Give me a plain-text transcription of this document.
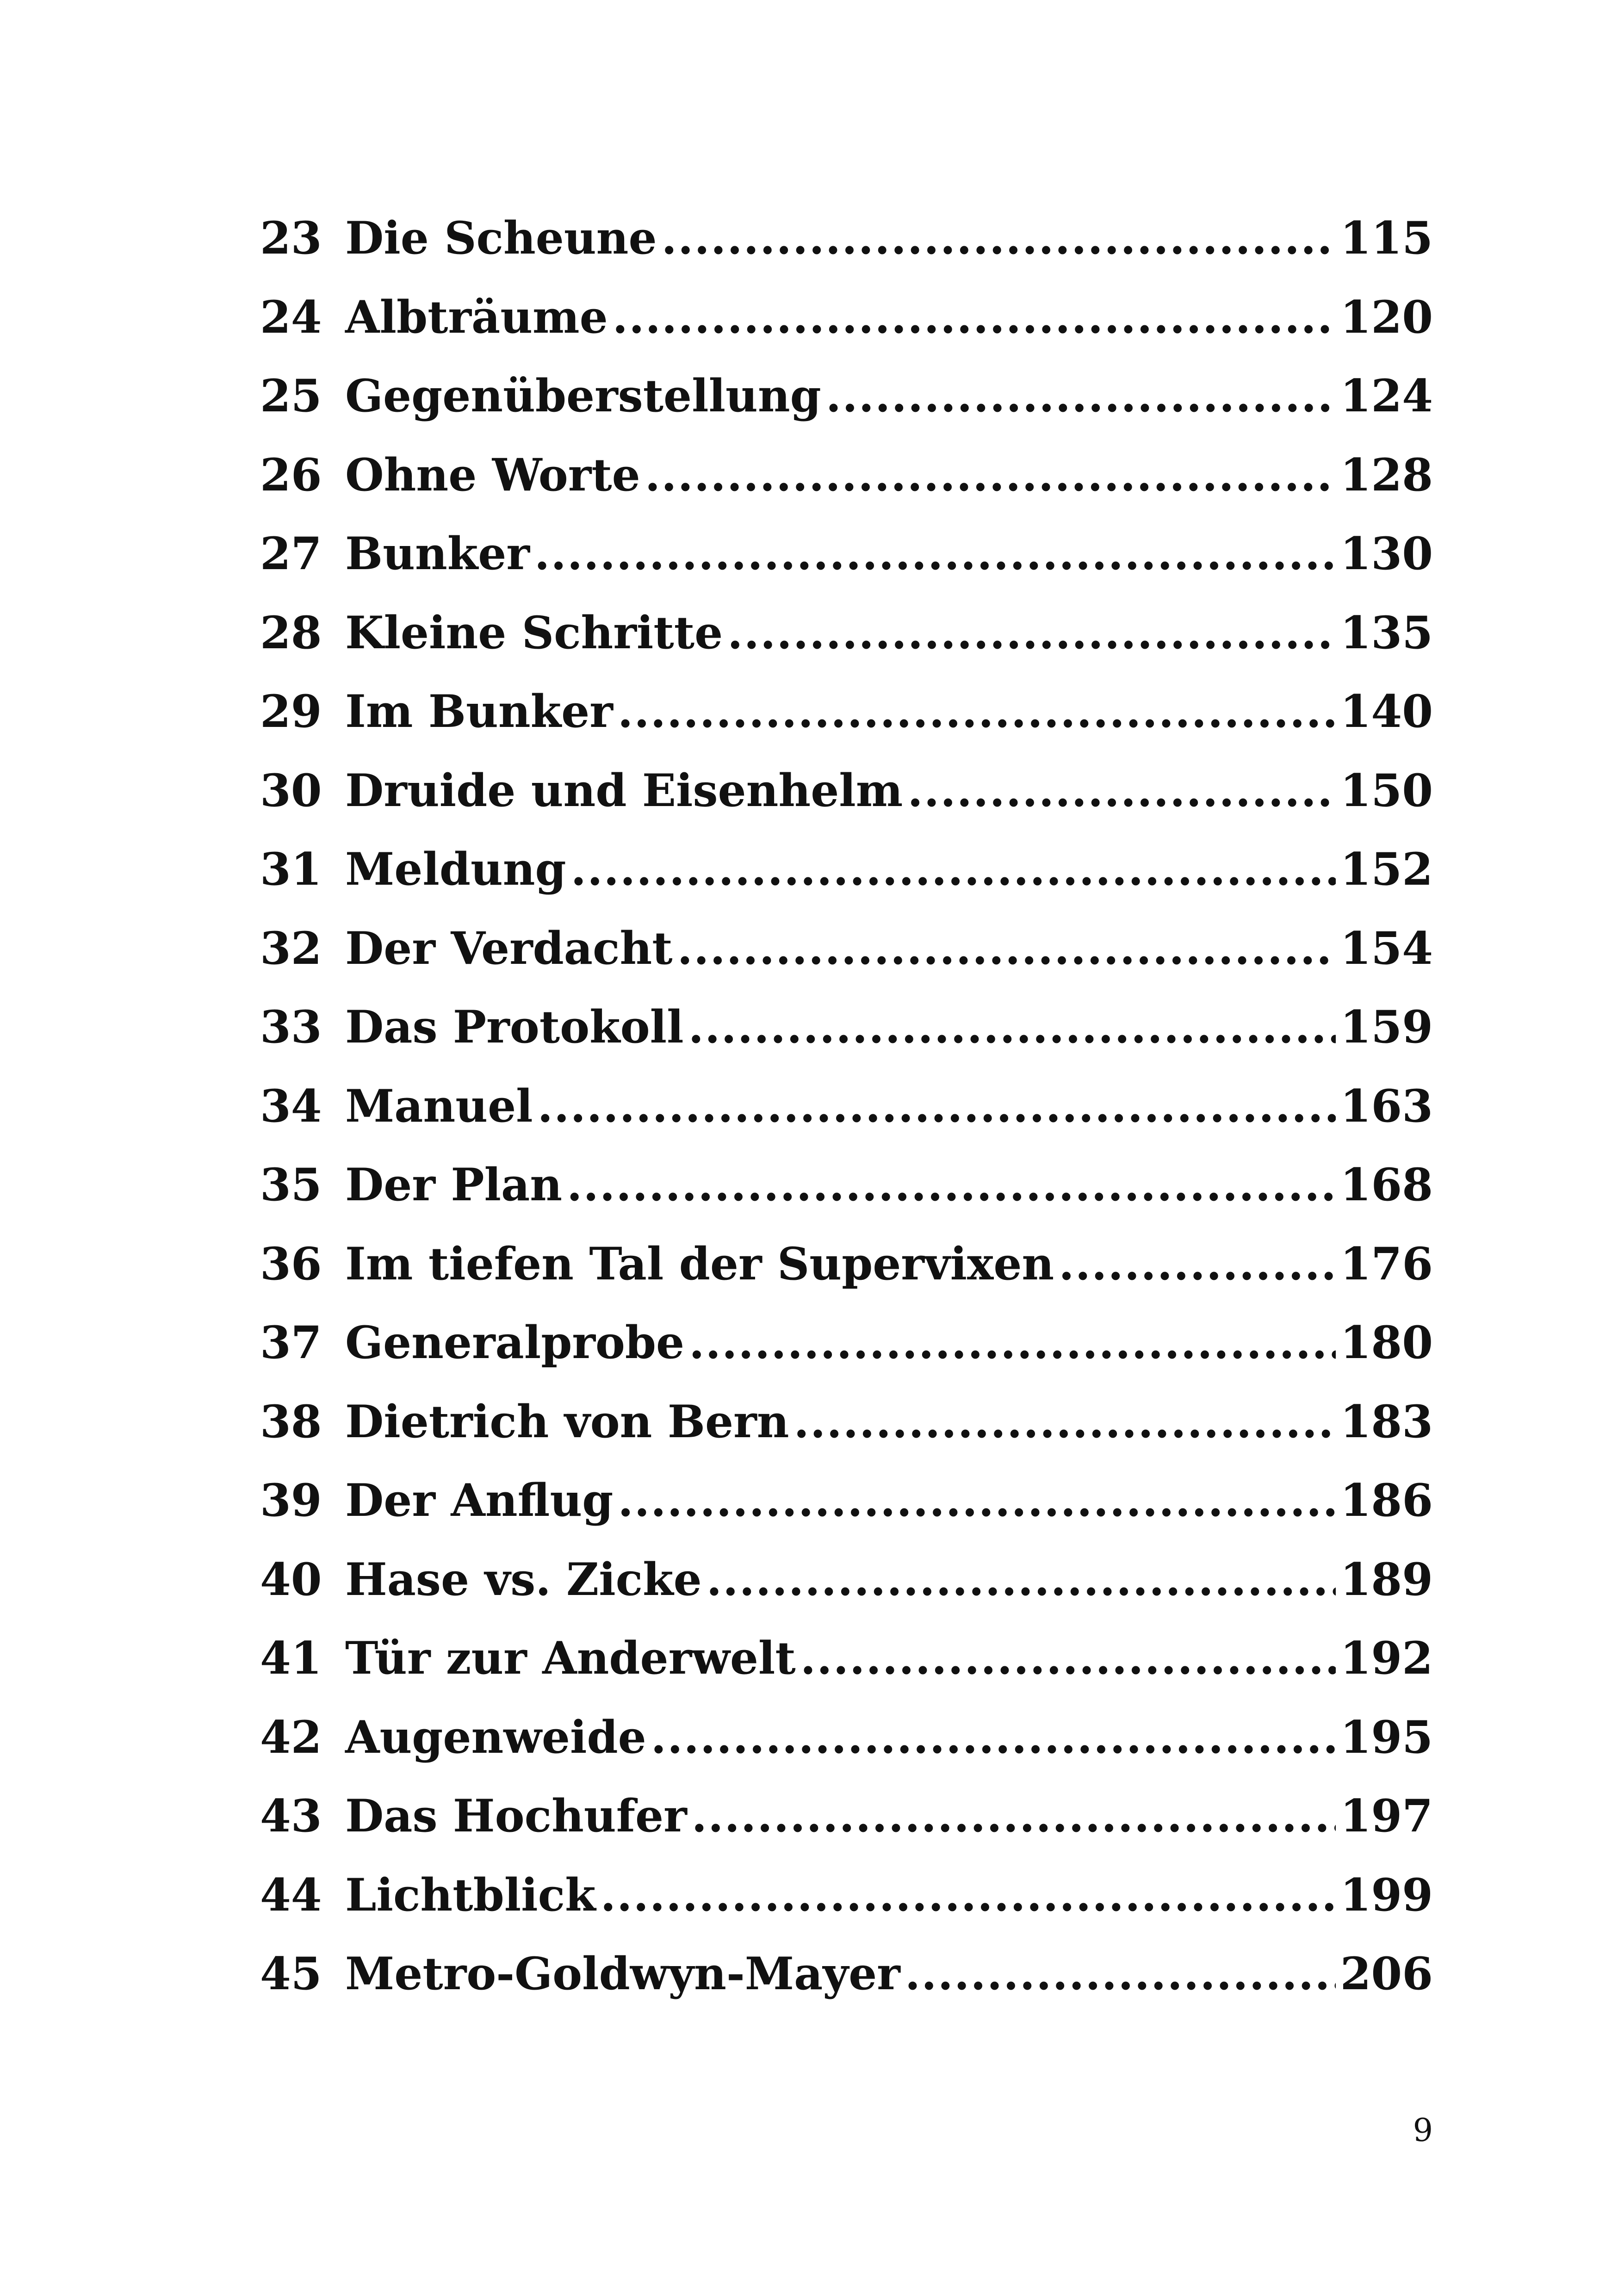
23 Die Scheune .....	115
24 Albträume .....	120
25 Gegenüberstellung .....	124
26 Ohne Worte .....	128
27 Bunker .....	130
28 Kleine Schritte .....	135
29 Im Bunker .....	140
30 Druide und Eisenhelm .....	150
31 Meldung .....	152
32 Der Verdacht .....	154
33 Das Protokoll .....	159
34 Manuel .....	163
35 Der Plan .....	168
36 Im tiefen Tal der Supervixen .....	176
37 Generalprobe .....	180
38 Dietrich von Bern .....	183
39 Der Anflug .....	186
40 Hase vs. Zicke .....	189
41 Tür zur Anderwelt .....	192
42 Augenweide .....	195
43 Das Hochufer .....	197
44 Lichtblick .....	199
45 Metro-Goldwyn-Mayer .....	206
9
